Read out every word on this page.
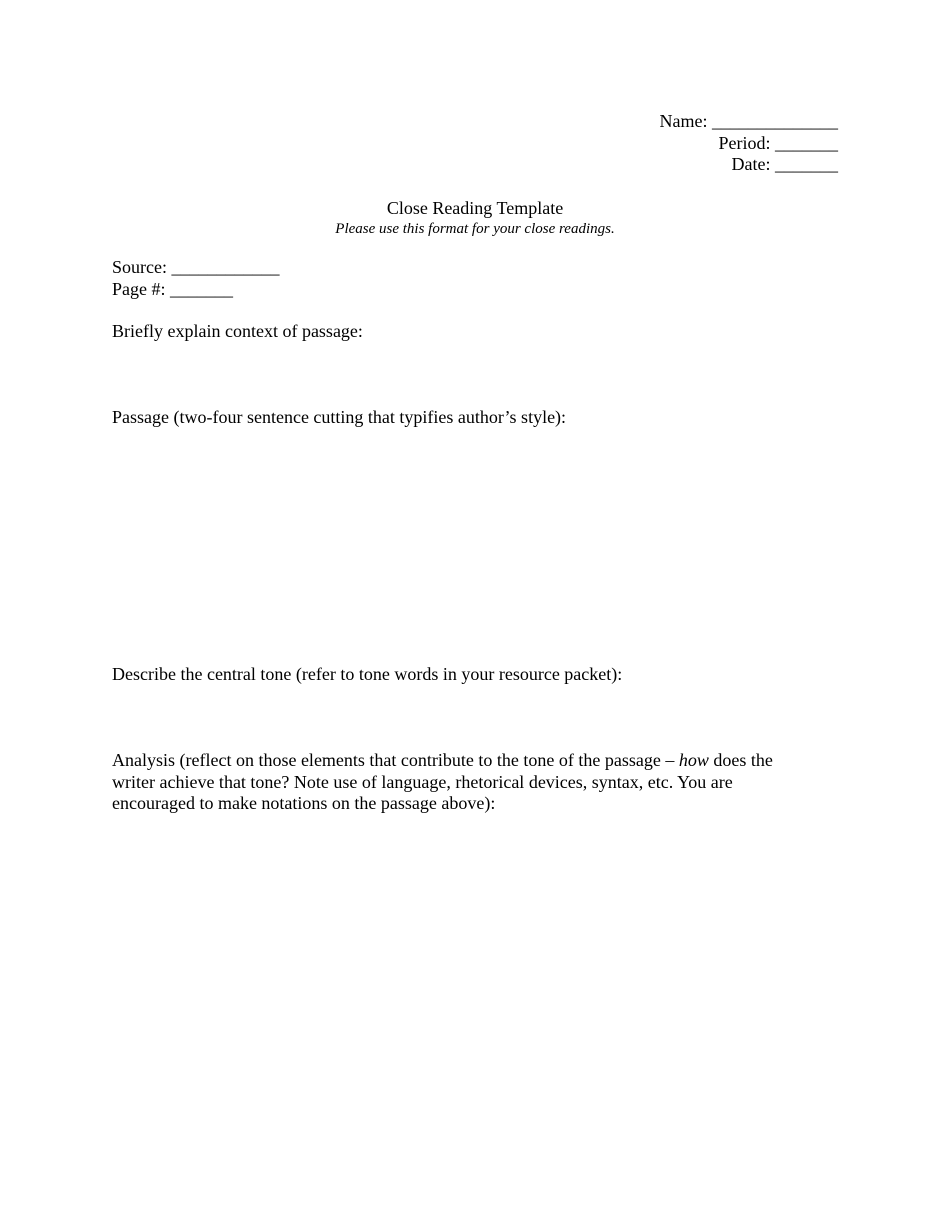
Name: ______________
Period: _______
Date: _______
Close Reading Template
Please use this format for your close readings.
Source: ____________
Page #: _______
Briefly explain context of passage:
Passage (two-four sentence cutting that typifies author’s style):
Describe the central tone (refer to tone words in your resource packet):
Analysis (reflect on those elements that contribute to the tone of the passage – how does the writer achieve that tone? Note use of language, rhetorical devices, syntax, etc. You are encouraged to make notations on the passage above):
